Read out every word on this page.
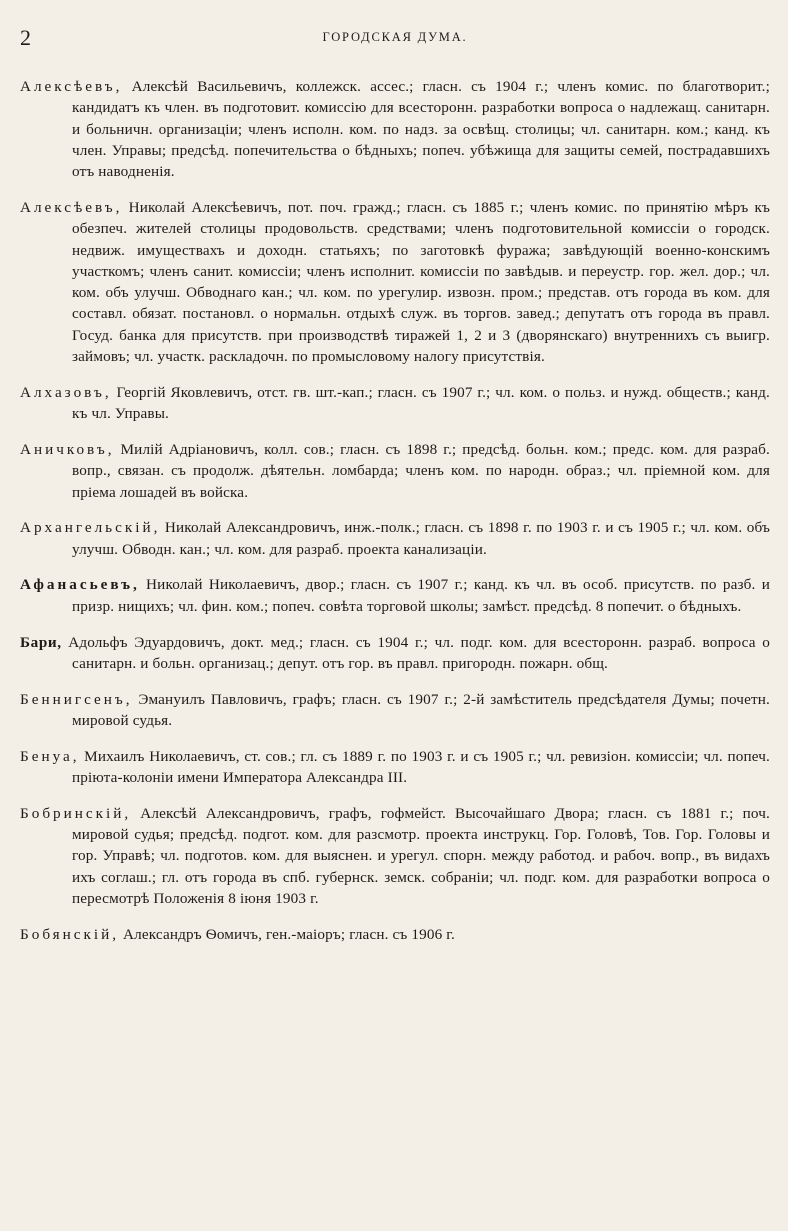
2	ГОРОДСКАЯ ДУМА.

Алексѣевъ, Алексѣй Васильевичъ, коллежск. ассес.; гласн. съ 1904 г.; членъ комис. по благотворит.; кандидатъ къ член. въ подготовит. комиссію для всесторонн. разработки вопроса о надлежащ. санитарн. и больничн. организаціи; членъ исполн. ком. по надз. за освѣщ. столицы; чл. санитарн. ком.; канд. къ член. Управы; предсѣд. попечительства о бѣдныхъ; попеч. убѣжища для защиты семей, пострадавшихъ отъ наводненія.

Алексѣевъ, Николай Алексѣевичъ, пот. поч. гражд.; гласн. съ 1885 г.; членъ комис. по принятію мѣръ къ обезпеч. жителей столицы продовольств. средствами; членъ подготовительной комиссіи о городск. недвиж. имуществахъ и доходн. статьяхъ; по заготовкѣ фуража; завѣдующій военно-конскимъ участкомъ; членъ санит. комиссіи; членъ исполнит. комиссіи по завѣдыв. и переустр. гор. жел. дор.; чл. ком. объ улучш. Обводнаго кан.; чл. ком. по урегулир. извозн. пром.; представ. отъ города въ ком. для составл. обязат. постановл. о нормальн. отдыхѣ служ. въ торгов. завед.; депутатъ отъ города въ правл. Госуд. банка для присутств. при производствѣ тиражей 1, 2 и 3 (дворянскаго) внутреннихъ съ выигр. займовъ; чл. участк. раскладочн. по промысловому налогу присутствія.

Алхазовъ, Георгій Яковлевичъ, отст. гв. шт.-кап.; гласн. съ 1907 г.; чл. ком. о польз. и нужд. обществ.; канд. къ чл. Управы.

Аничковъ, Милій Адріановичъ, колл. сов.; гласн. съ 1898 г.; предсѣд. больн. ком.; предс. ком. для разраб. вопр., связан. съ продолж. дѣятельн. ломбарда; членъ ком. по народн. образ.; чл. пріемной ком. для пріема лошадей въ войска.

Архангельскій, Николай Александровичъ, инж.-полк.; гласн. съ 1898 г. по 1903 г. и съ 1905 г.; чл. ком. объ улучш. Обводн. кан.; чл. ком. для разраб. проекта канализаціи.

Афанасьевъ, Николай Николаевичъ, двор.; гласн. съ 1907 г.; канд. къ чл. въ особ. присутств. по разб. и призр. нищихъ; чл. фин. ком.; попеч. совѣта торговой школы; замѣст. предсѣд. 8 попечит. о бѣдныхъ.

Бари, Адольфъ Эдуардовичъ, докт. мед.; гласн. съ 1904 г.; чл. подг. ком. для всесторонн. разраб. вопроса о санитарн. и больн. организац.; депут. отъ гор. въ правл. пригородн. пожарн. общ.

Беннигсенъ, Эмануилъ Павловичъ, графъ; гласн. съ 1907 г.; 2-й замѣститель предсѣдателя Думы; почетн. мировой судья.

Бенуа, Михаилъ Николаевичъ, ст. сов.; гл. съ 1889 г. по 1903 г. и съ 1905 г.; чл. ревизіон. комиссіи; чл. попеч. пріюта-колоніи имени Императора Александра III.

Бобринскій, Алексѣй Александровичъ, графъ, гофмейст. Высочайшаго Двора; гласн. съ 1881 г.; поч. мировой судья; предсѣд. подгот. ком. для разсмотр. проекта инструкц. Гор. Головѣ, Тов. Гор. Головы и гор. Управѣ; чл. подготов. ком. для выяснен. и урегул. спорн. между работод. и рабоч. вопр., въ видахъ ихъ соглаш.; гл. отъ города въ спб. губернск. земск. собраніи; чл. подг. ком. для разработки вопроса о пересмотрѣ Положенія 8 іюня 1903 г.

Бобянскій, Александръ Ѳомичъ, ген.-маіоръ; гласн. съ 1906 г.
